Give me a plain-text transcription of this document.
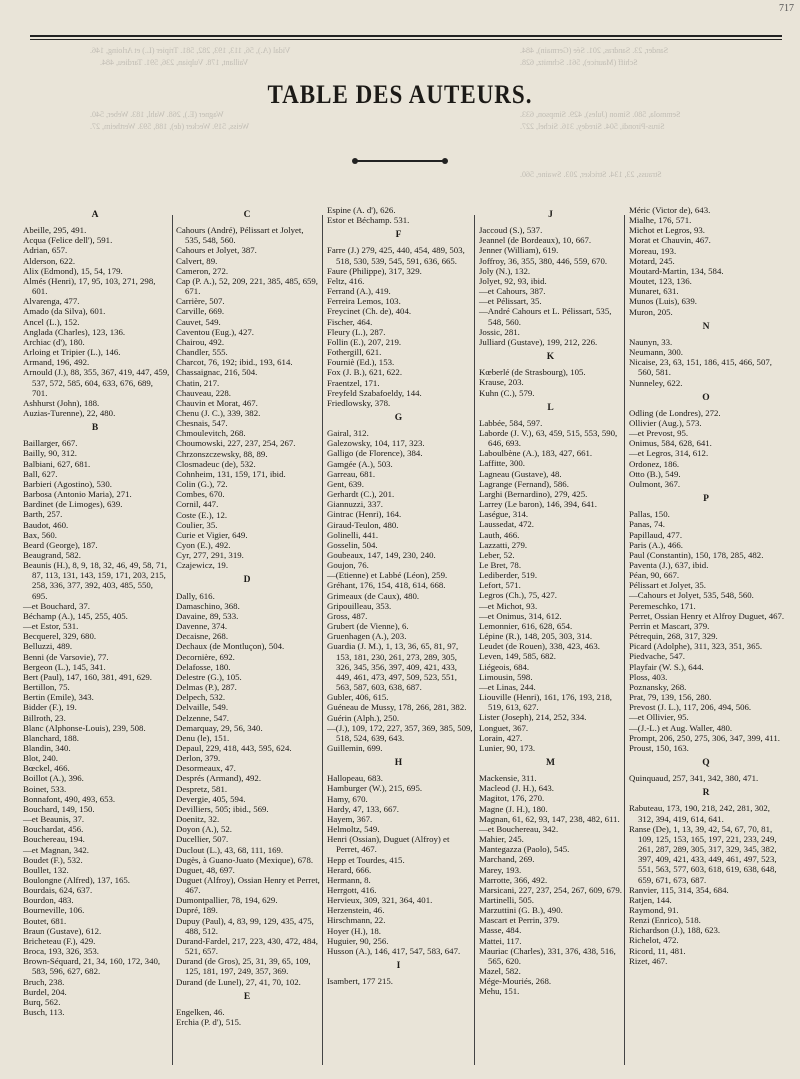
Vidal (A.), 56, 113, 193, 282, 581. Tripier (L.) et Arloing, 146.
Vaillant, 178. Vulpian, 236, 591. Tardieu, 484.
Sander, 23. Sandras, 201. Sée (Germain), 484.
Schiff (Maurice), 561. Schmitz, 628.
Wagner (E.), 268. Wahl, 183. Weber, 540.
Weiss, 519. Wecker (de), 188, 593. Wertheim, 27.
Semmola, 580. Simon (Jules), 429. Simpson, 633.
Sirus-Pirondi, 504. Siredey, 316. Sichel, 227.
Strauss, 23, 134. Stricker, 203. Swaine, 560.
717
TABLE DES AUTEURS.
A
Abeille, 295, 491.
Acqua (Felice dell'), 591.
Adrian, 657.
Alderson, 622.
Alix (Edmond), 15, 54, 179.
Almés (Henri), 17, 95, 103, 271, 298, 601.
Alvarenga, 477.
Amado (da Silva), 601.
Ancel (L.), 152.
Anglada (Charles), 123, 136.
Archiac (d'), 180.
Arloing et Tripier (L.), 146.
Armand, 196, 492.
Arnould (J.), 88, 355, 367, 419, 447, 459, 537, 572, 585, 604, 633, 676, 689, 701.
Ashhurst (John), 188.
Auzias-Turenne), 22, 480.
B
Baillarger, 667.
Bailly, 90, 312.
Balbiani, 627, 681.
Ball, 627.
Barbieri (Agostino), 530.
Barbosa (Antonio Maria), 271.
Bardinet (de Limoges), 639.
Barth, 257.
Baudot, 460.
Bax, 560.
Beard (George), 187.
Beaugrand, 582.
Beaunis (H.), 8, 9, 18, 32, 46, 49, 58, 71, 87, 113, 131, 143, 159, 171, 203, 215, 258, 336, 377, 392, 403, 485, 550, 695.
—et Bouchard, 37.
Béchamp (A.), 145, 255, 405.
—et Estor, 531.
Becquerel, 329, 680.
Belluzzi, 489.
Benni (de Varsovie), 77.
Bergeon (L.), 145, 341.
Bert (Paul), 147, 160, 381, 491, 629.
Bertillon, 75.
Bertin (Emile), 343.
Bidder (F.), 19.
Billroth, 23.
Blanc (Alphonse-Louis), 239, 508.
Blanchard, 188.
Blandin, 340.
Blot, 240.
Bœckel, 466.
Boillot (A.), 396.
Boinet, 533.
Bonnafont, 490, 493, 653.
Bouchard, 149, 150.
—et Beaunis, 37.
Bouchardat, 456.
Bouchereau, 194.
—et Magnan, 342.
Boudet (F.), 532.
Boullet, 132.
Boulongne (Alfred), 137, 165.
Bourdais, 624, 637.
Bourdon, 483.
Bourneville, 106.
Boutet, 681.
Braun (Gustave), 612.
Bricheteau (F.), 429.
Broca, 193, 326, 353.
Brown-Séquard, 21, 34, 160, 172, 340, 583, 596, 627, 682.
Bruch, 238.
Burdel, 204.
Burq, 562.
Busch, 113.
C
Cahours (André), Pélissart et Jolyet, 535, 548, 560.
Cahours et Jolyet, 387.
Calvert, 89.
Cameron, 272.
Cap (P. A.), 52, 209, 221, 385, 485, 659, 671.
Carrière, 507.
Carville, 669.
Cauvet, 549.
Caventou (Eug.), 427.
Chairou, 492.
Chandler, 555.
Charcot, 76, 192; ibid., 193, 614.
Chassaignac, 216, 504.
Chatin, 217.
Chauveau, 228.
Chauvin et Morat, 467.
Chenu (J. C.), 339, 382.
Chesnais, 547.
Chmoulevitch, 268.
Choumowski, 227, 237, 254, 267.
Chrzonszczewsky, 88, 89.
Closmadeuc (de), 532.
Cohnheim, 131, 159, 171, ibid.
Colin (G.), 72.
Combes, 670.
Cornil, 447.
Coste (E.), 12.
Coulier, 35.
Curie et Vigier, 649.
Cyon (E.), 492.
Cyr, 277, 291, 319.
Czajewicz, 19.
D
Dally, 616.
Damaschino, 368.
Davaine, 89, 533.
Davenne, 374.
Decaisne, 268.
Dechaux (de Montluçon), 504.
Decornière, 692.
Delafosse, 180.
Delestre (G.), 105.
Delmas (P.), 287.
Delpech, 532.
Delvaille, 549.
Delzenne, 547.
Demarquay, 29, 56, 340.
Denu (le), 151.
Depaul, 229, 418, 443, 595, 624.
Derlon, 379.
Desormeaux, 47.
Després (Armand), 492.
Despretz, 581.
Devergie, 405, 594.
Devilliers, 505; ibid., 569.
Doenitz, 32.
Doyon (A.), 52.
Ducellier, 507.
Duclout (L.), 43, 68, 111, 169.
Dugès, à Guano-Juato (Mexique), 678.
Duguet, 48, 697.
Duguet (Alfroy), Ossian Henry et Perret, 467.
Dumontpallier, 78, 194, 629.
Dupré, 189.
Dupuy (Paul), 4, 83, 99, 129, 435, 475, 488, 512.
Durand-Fardel, 217, 223, 430, 472, 484, 521, 657.
Durand (de Gros), 25, 31, 39, 65, 109, 125, 181, 197, 249, 357, 369.
Durand (de Lunel), 27, 41, 70, 102.
E
Engelken, 46.
Erchia (P. d'), 515.
Espine (A. d'), 626.
Estor et Béchamp. 531.
F
Farre (J.) 279, 425, 440, 454, 489, 503, 518, 530, 539, 545, 591, 636, 665.
Faure (Philippe), 317, 329.
Feltz, 416.
Ferrand (A.), 419.
Ferreira Lemos, 103.
Freycinet (Ch. de), 404.
Fischer, 464.
Fleury (L.), 287.
Follin (E.), 207, 219.
Fothergill, 621.
Fourniè (Ed.), 153.
Fox (J. B.), 621, 622.
Fraentzel, 171.
Freyfeld Szabafoeldy, 144.
Friedlowsky, 378.
G
Gairal, 312.
Galezowsky, 104, 117, 323.
Galligo (de Florence), 384.
Gamgée (A.), 503.
Garreau, 681.
Gent, 639.
Gerhardt (C.), 201.
Giannuzzi, 337.
Gintrac (Henri), 164.
Giraud-Teulon, 480.
Golinelli, 441.
Gosselin, 504.
Goubeaux, 147, 149, 230, 240.
Goujon, 76.
—(Etienne) et Labbé (Léon), 259.
Gréhant, 176, 154, 418, 614, 668.
Grimeaux (de Caux), 480.
Gripouilleau, 353.
Gross, 487.
Grubert (de Vienne), 6.
Gruenhagen (A.), 203.
Guardia (J. M.), 1, 13, 36, 65, 81, 97, 153, 181, 230, 261, 273, 289, 305, 326, 345, 356, 397, 409, 421, 433, 449, 461, 473, 497, 509, 523, 551, 563, 587, 603, 638, 687.
Gubler, 406, 615.
Guéneau de Mussy, 178, 266, 281, 382.
Guérin (Alph.), 250.
—(J.), 109, 172, 227, 357, 369, 385, 509, 518, 524, 639, 643.
Guillemin, 699.
H
Hallopeau, 683.
Hamburger (W.), 215, 695.
Hamy, 670.
Hardy, 47, 133, 667.
Hayem, 367.
Helmoltz, 549.
Henri (Ossian), Duguet (Alfroy) et Perret, 467.
Hepp et Tourdes, 415.
Herard, 666.
Hermann, 8.
Herrgott, 416.
Hervieux, 309, 321, 364, 401.
Herzenstein, 46.
Hirschmann, 22.
Hoyer (H.), 18.
Huguier, 90, 256.
Husson (A.), 146, 417, 547, 583, 647.
I
Isambert, 177 215.
J
Jaccoud (S.), 537.
Jeannel (de Bordeaux), 10, 667.
Jenner (William), 619.
Joffroy, 36, 355, 380, 446, 559, 670.
Joly (N.), 132.
Jolyet, 92, 93, ibid.
—et Cahours, 387.
—et Pélissart, 35.
—André Cahours et L. Pélissart, 535, 548, 560.
Jossic, 281.
Julliard (Gustave), 199, 212, 226.
K
Kœberlé (de Strasbourg), 105.
Krause, 203.
Kuhn (C.), 579.
L
Labbée, 584, 597.
Laborde (J. V.), 63, 459, 515, 553, 590, 646, 693.
Laboulbène (A.), 183, 427, 661.
Laffitte, 300.
Lagneau (Gustave), 48.
Lagrange (Fernand), 586.
Larghi (Bernardino), 279, 425.
Larrey (Le baron), 146, 394, 641.
Laségue, 314.
Laussedat, 472.
Lauth, 466.
Lazzatti, 279.
Leber, 52.
Le Bret, 78.
Lediberder, 519.
Lefort, 571.
Legros (Ch.), 75, 427.
—et Michot, 93.
—et Onimus, 314, 612.
Lemonnier, 616, 628, 654.
Lépine (R.), 148, 205, 303, 314.
Leudet (de Rouen), 338, 423, 463.
Leven, 149, 585, 682.
Liégeois, 684.
Limousin, 598.
—et Linas, 244.
Liouville (Henri), 161, 176, 193, 218, 519, 613, 627.
Lister (Joseph), 214, 252, 334.
Longuet, 367.
Lorain, 427.
Lunier, 90, 173.
M
Mackensie, 311.
Macleod (J. H.), 643.
Magitot, 176, 270.
Magne (J. H.), 180.
Magnan, 61, 62, 93, 147, 238, 482, 611.
—et Bouchereau, 342.
Mahier, 245.
Mantegazza (Paolo), 545.
Marchand, 269.
Marey, 193.
Marrotte, 366, 492.
Marsicani, 227, 237, 254, 267, 609, 679.
Martinelli, 505.
Marzuttini (G. B.), 490.
Mascart et Perrin, 379.
Masse, 484.
Mattei, 117.
Mauriac (Charles), 331, 376, 438, 516, 565, 620.
Mazel, 582.
Mége-Mouriés, 268.
Mehu, 151.
Méric (Victor de), 643.
Mialhe, 176, 571.
Michot et Legros, 93.
Morat et Chauvin, 467.
Moreau, 193.
Motard, 245.
Moutard-Martin, 134, 584.
Moutet, 123, 136.
Munaret, 631.
Munos (Luis), 639.
Muron, 205.
N
Naunyn, 33.
Neumann, 300.
Nicaise, 23, 63, 151, 186, 415, 466, 507, 560, 581.
Nunneley, 622.
O
Odling (de Londres), 272.
Ollivier (Aug.), 573.
—et Prevost, 95.
Onimus, 584, 628, 641.
—et Legros, 314, 612.
Ordonez, 186.
Otto (B.), 549.
Oulmont, 367.
P
Pallas, 150.
Panas, 74.
Papillaud, 477.
Paris (A.), 466.
Paul (Constantin), 150, 178, 285, 482.
Paventa (J.), 637, ibid.
Péan, 90, 667.
Pélissart et Jolyet, 35.
—Cahours et Jolyet, 535, 548, 560.
Peremeschko, 171.
Perret, Ossian Henry et Alfroy Duguet, 467.
Perrin et Mascart, 379.
Pétrequin, 268, 317, 329.
Picard (Adolphe), 311, 323, 351, 365.
Piedvache, 547.
Playfair (W. S.), 644.
Ploss, 403.
Poznansky, 268.
Prat, 79, 139, 156, 280.
Prevost (J. L.), 117, 206, 494, 506.
—et Ollivier, 95.
—(J.-L.) et Aug. Waller, 480.
Prompt, 206, 250, 275, 306, 347, 399, 411.
Proust, 150, 163.
Q
Quinquaud, 257, 341, 342, 380, 471.
R
Rabuteau, 173, 190, 218, 242, 281, 302, 312, 394, 419, 614, 641.
Ranse (De), 1, 13, 39, 42, 54, 67, 70, 81, 109, 125, 153, 165, 197, 221, 233, 249, 261, 287, 289, 305, 317, 329, 345, 382, 397, 409, 421, 433, 449, 461, 497, 523, 551, 563, 577, 603, 618, 619, 638, 648, 659, 671, 673, 687.
Ranvier, 115, 314, 354, 684.
Ratjen, 144.
Raymond, 91.
Renzi (Enrico), 518.
Richardson (J.), 188, 623.
Richelot, 472.
Ricord, 11, 481.
Rizet, 467.
